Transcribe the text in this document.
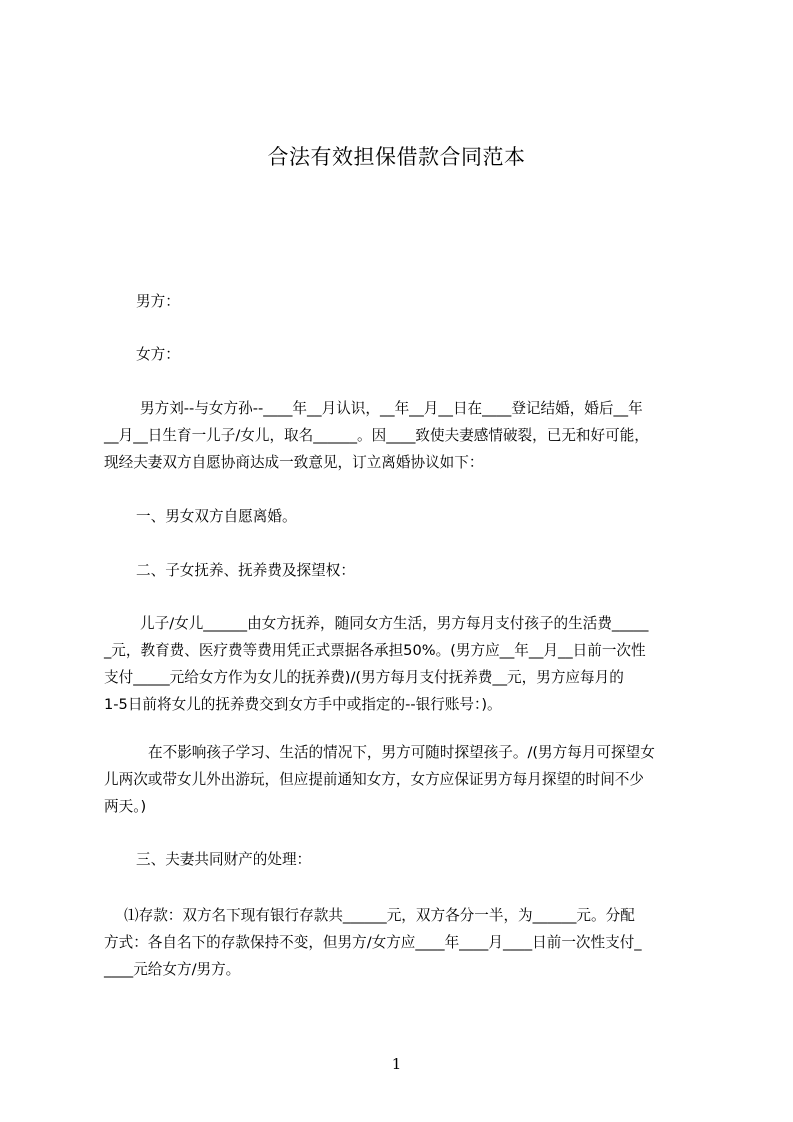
合法有效担保借款合同范本
男方：
女方：
男方刘--与女方孙--____年__月认识，__年__月__日在____登记结婚，婚后__年
__月__日生育一儿子/女儿，取名______。因____致使夫妻感情破裂，已无和好可能，
现经夫妻双方自愿协商达成一致意见，订立离婚协议如下：
一、男女双方自愿离婚。
二、子女抚养、抚养费及探望权：
儿子/女儿______由女方抚养，随同女方生活，男方每月支付孩子的生活费_____
_元，教育费、医疗费等费用凭正式票据各承担50%。(男方应__年__月__日前一次性
支付_____元给女方作为女儿的抚养费)/(男方每月支付抚养费__元，男方应每月的
1-5日前将女儿的抚养费交到女方手中或指定的--银行账号：)。
在不影响孩子学习、生活的情况下，男方可随时探望孩子。/(男方每月可探望女
儿两次或带女儿外出游玩，但应提前通知女方，女方应保证男方每月探望的时间不少
两天。)
三、夫妻共同财产的处理：
⑴存款：双方名下现有银行存款共______元，双方各分一半，为______元。分配
方式：各自名下的存款保持不变，但男方/女方应____年____月____日前一次性支付_
____元给女方/男方。
1
